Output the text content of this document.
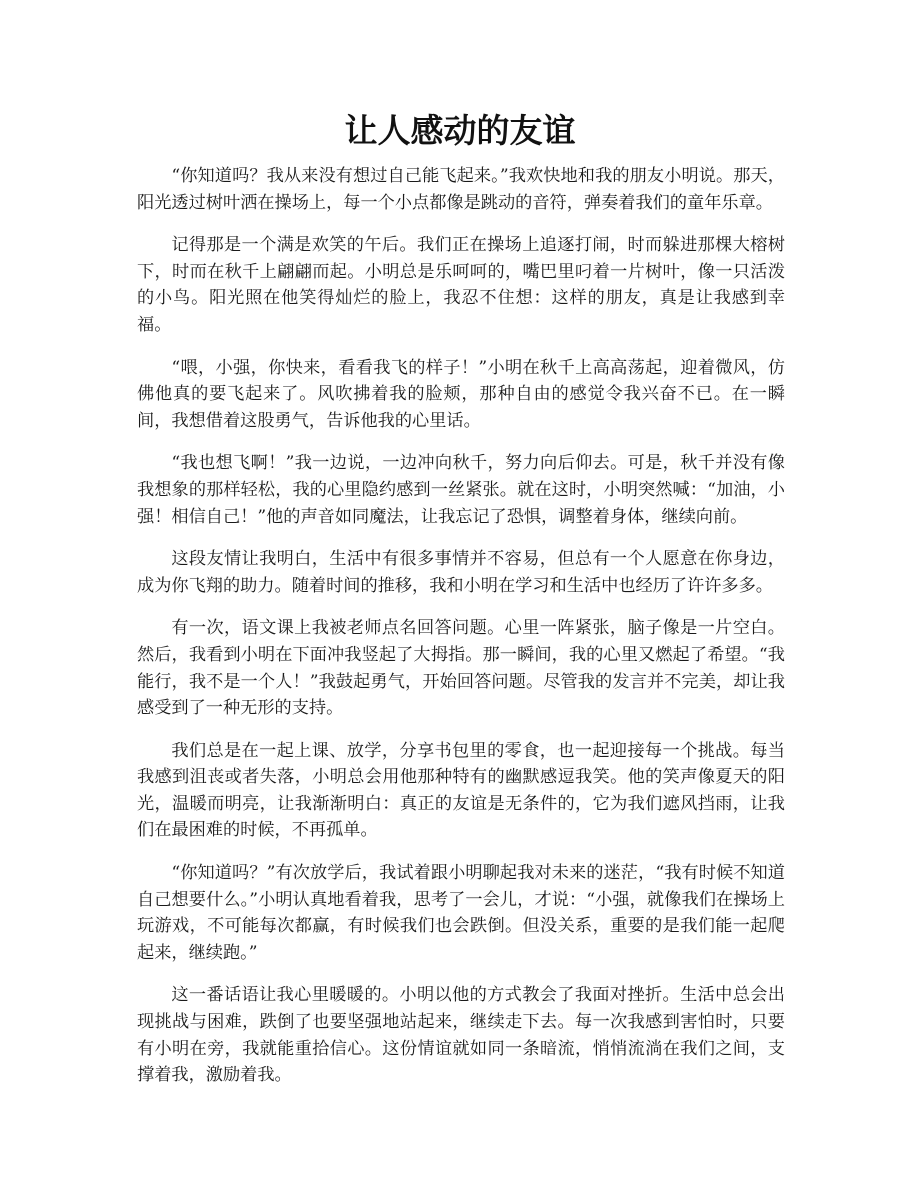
让人感动的友谊

“你知道吗？我从来没有想过自己能飞起来。”我欢快地和我的朋友小明说。那天，阳光透过树叶洒在操场上，每一个小点都像是跳动的音符，弹奏着我们的童年乐章。

记得那是一个满是欢笑的午后。我们正在操场上追逐打闹，时而躲进那棵大榕树下，时而在秋千上翩翩而起。小明总是乐呵呵的，嘴巴里叼着一片树叶，像一只活泼的小鸟。阳光照在他笑得灿烂的脸上，我忍不住想：这样的朋友，真是让我感到幸福。

“喂，小强，你快来，看看我飞的样子！”小明在秋千上高高荡起，迎着微风，仿佛他真的要飞起来了。风吹拂着我的脸颊，那种自由的感觉令我兴奋不已。在一瞬间，我想借着这股勇气，告诉他我的心里话。

“我也想飞啊！”我一边说，一边冲向秋千，努力向后仰去。可是，秋千并没有像我想象的那样轻松，我的心里隐约感到一丝紧张。就在这时，小明突然喊：“加油，小强！相信自己！”他的声音如同魔法，让我忘记了恐惧，调整着身体，继续向前。

这段友情让我明白，生活中有很多事情并不容易，但总有一个人愿意在你身边，成为你飞翔的助力。随着时间的推移，我和小明在学习和生活中也经历了许许多多。

有一次，语文课上我被老师点名回答问题。心里一阵紧张，脑子像是一片空白。然后，我看到小明在下面冲我竖起了大拇指。那一瞬间，我的心里又燃起了希望。“我能行，我不是一个人！”我鼓起勇气，开始回答问题。尽管我的发言并不完美，却让我感受到了一种无形的支持。

我们总是在一起上课、放学，分享书包里的零食，也一起迎接每一个挑战。每当我感到沮丧或者失落，小明总会用他那种特有的幽默感逗我笑。他的笑声像夏天的阳光，温暖而明亮，让我渐渐明白：真正的友谊是无条件的，它为我们遮风挡雨，让我们在最困难的时候，不再孤单。

“你知道吗？”有次放学后，我试着跟小明聊起我对未来的迷茫，“我有时候不知道自己想要什么。”小明认真地看着我，思考了一会儿，才说：“小强，就像我们在操场上玩游戏，不可能每次都赢，有时候我们也会跌倒。但没关系，重要的是我们能一起爬起来，继续跑。”

这一番话语让我心里暖暖的。小明以他的方式教会了我面对挫折。生活中总会出现挑战与困难，跌倒了也要坚强地站起来，继续走下去。每一次我感到害怕时，只要有小明在旁，我就能重拾信心。这份情谊就如同一条暗流，悄悄流淌在我们之间，支撑着我，激励着我。
